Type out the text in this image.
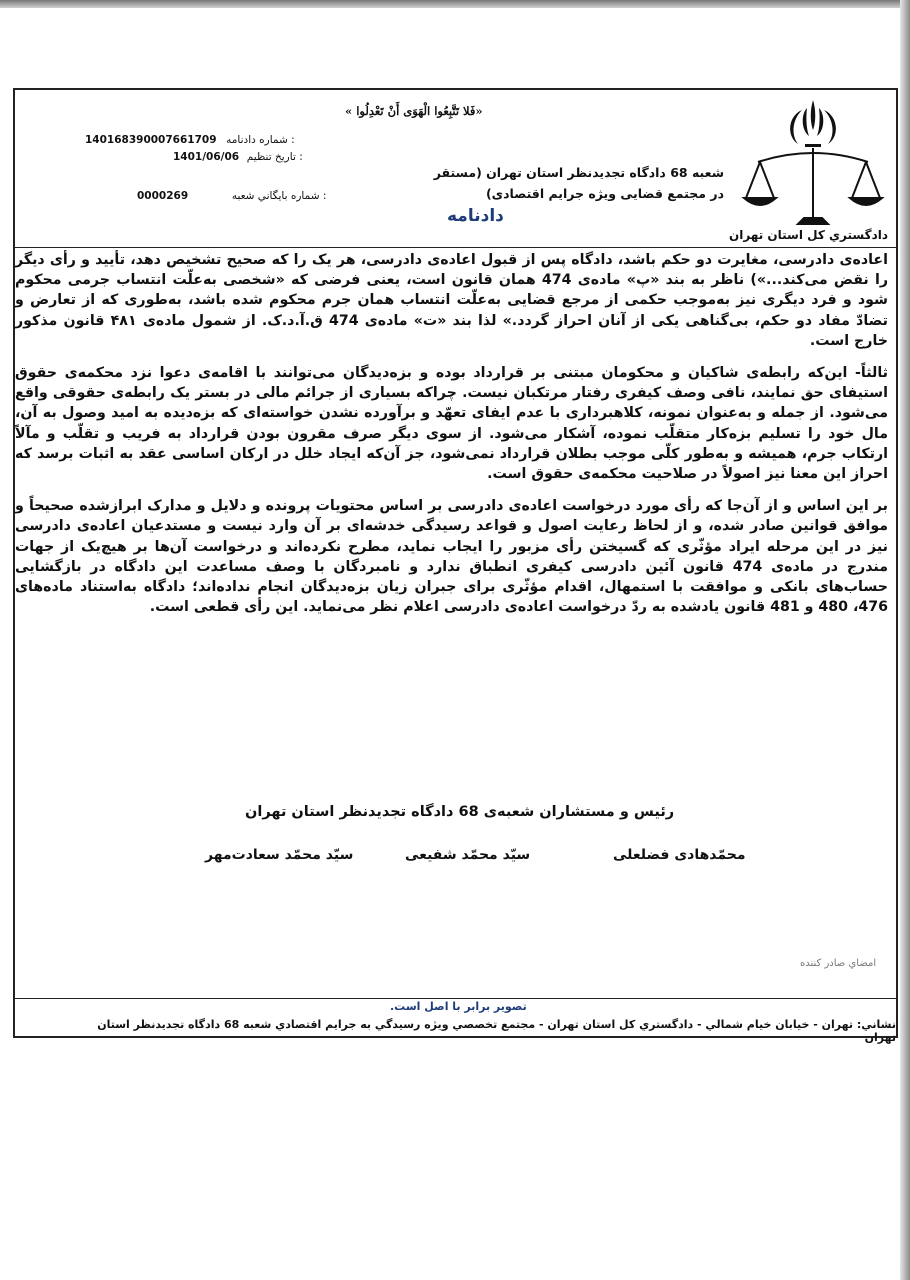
دادگستري كل استان تهران
«فَلا تَتَّبِعُوا الْهَوَى أَنْ تَعْدِلُوا »
شعبه 68 دادگاه تجدیدنظر استان تهران (مستقر در مجتمع قضایی ویژه جرایم اقتصادی)
دادنامه
140168390007661709 شماره دادنامه :
1401/06/06 تاریخ تنظیم :
0000269	شماره بايگاني شعبه :

اعاده‌ی دادرسی، مغایرت دو حکم باشد، دادگاه پس از قبول اعاده‌ی دادرسی، هر یک را که صحیح تشخیص دهد، تأیید و رأی دیگر را نقض می‌کند...») ناظر به بند «پ» ماده‌ی 474 همان قانون است، یعنی فرضی که «شخصی به‌علّت انتساب جرمی محکوم شود و فرد دیگری نیز به‌موجب حکمی از مرجع قضایی به‌علّت انتساب همان جرم محکوم شده باشد، به‌طوری که از تعارض و تضادّ مفاد دو حکم، بی‌گناهی یکی از آنان احراز گردد.» لذا بند «ت» ماده‌ی 474 ق.آ.د.ک. از شمول ماده‌ی ۴۸۱ قانون مذکور خارج است.

ثالثاً- این‌که رابطه‌ی شاکیان و محکومان مبتنی بر قرارداد بوده و بزه‌دیدگان می‌توانند با اقامه‌ی دعوا نزد محکمه‌ی حقوق استیفای حق نمایند، نافی وصف کیفری رفتار مرتکبان نیست. چراکه بسیاری از جرائم مالی در بستر یک رابطه‌ی حقوقی واقع می‌شود. از جمله و به‌عنوان نمونه، کلاهبرداری با عدم ایفای تعهّد و برآورده نشدن خواسته‌ای که بزه‌دیده به امید وصول به آن، مال خود را تسلیم بزه‌کار متقلّب نموده، آشکار می‌شود. از سوی دیگر صرف مقرون بودن قرارداد به فریب و تقلّب و مآلاً ارتکاب جرم، همیشه و به‌طور کلّی موجب بطلان قرارداد نمی‌شود، جز آن‌که ایجاد خلل در ارکان اساسی عقد به اثبات برسد که احراز این معنا نیز اصولاً در صلاحیت محکمه‌ی حقوق است.

بر این اساس و از آن‌جا که رأی مورد درخواست اعاده‌ی دادرسی بر اساس محتویات پرونده و دلایل و مدارک ابرازشده صحیحاً و موافق قوانین صادر شده، و از لحاظ رعایت اصول و قواعد رسیدگی خدشه‌ای بر آن وارد نیست و مستدعیان اعاده‌ی دادرسی نیز در این مرحله ایراد مؤثّری که گسیختن رأی مزبور را ایجاب نماید، مطرح نکرده‌اند و درخواست آن‌ها بر هیچ‌یک از جهات مندرج در ماده‌ی 474 قانون آئین دادرسی کیفری انطباق ندارد و نامبردگان با وصف مساعدت این دادگاه در بازگشایی حساب‌های بانکی و موافقت با استمهال، اقدام مؤثّری برای جبران زیان بزه‌دیدگان انجام نداده‌اند؛ دادگاه به‌استناد ماده‌های 476، 480 و 481 قانون یادشده به ردّ درخواست اعاده‌ی دادرسی اعلام نظر می‌نماید. این رأی قطعی است.

رئیس و مستشاران شعبه‌ی 68 دادگاه تجدیدنظر استان تهران
محمّدهادی فضلعلی
سیّد محمّد شفیعی
سیّد محمّد سعادت‌مهر
امضاي صادر كننده
تصویر برابر با اصل است.
نشاني: تهران - خيابان خيام شمالي - دادگستري كل استان تهران - مجتمع تخصصي ويژه رسيدگي به جرايم اقتصادي شعبه 68 دادگاه تجديدنظر استان تهران
